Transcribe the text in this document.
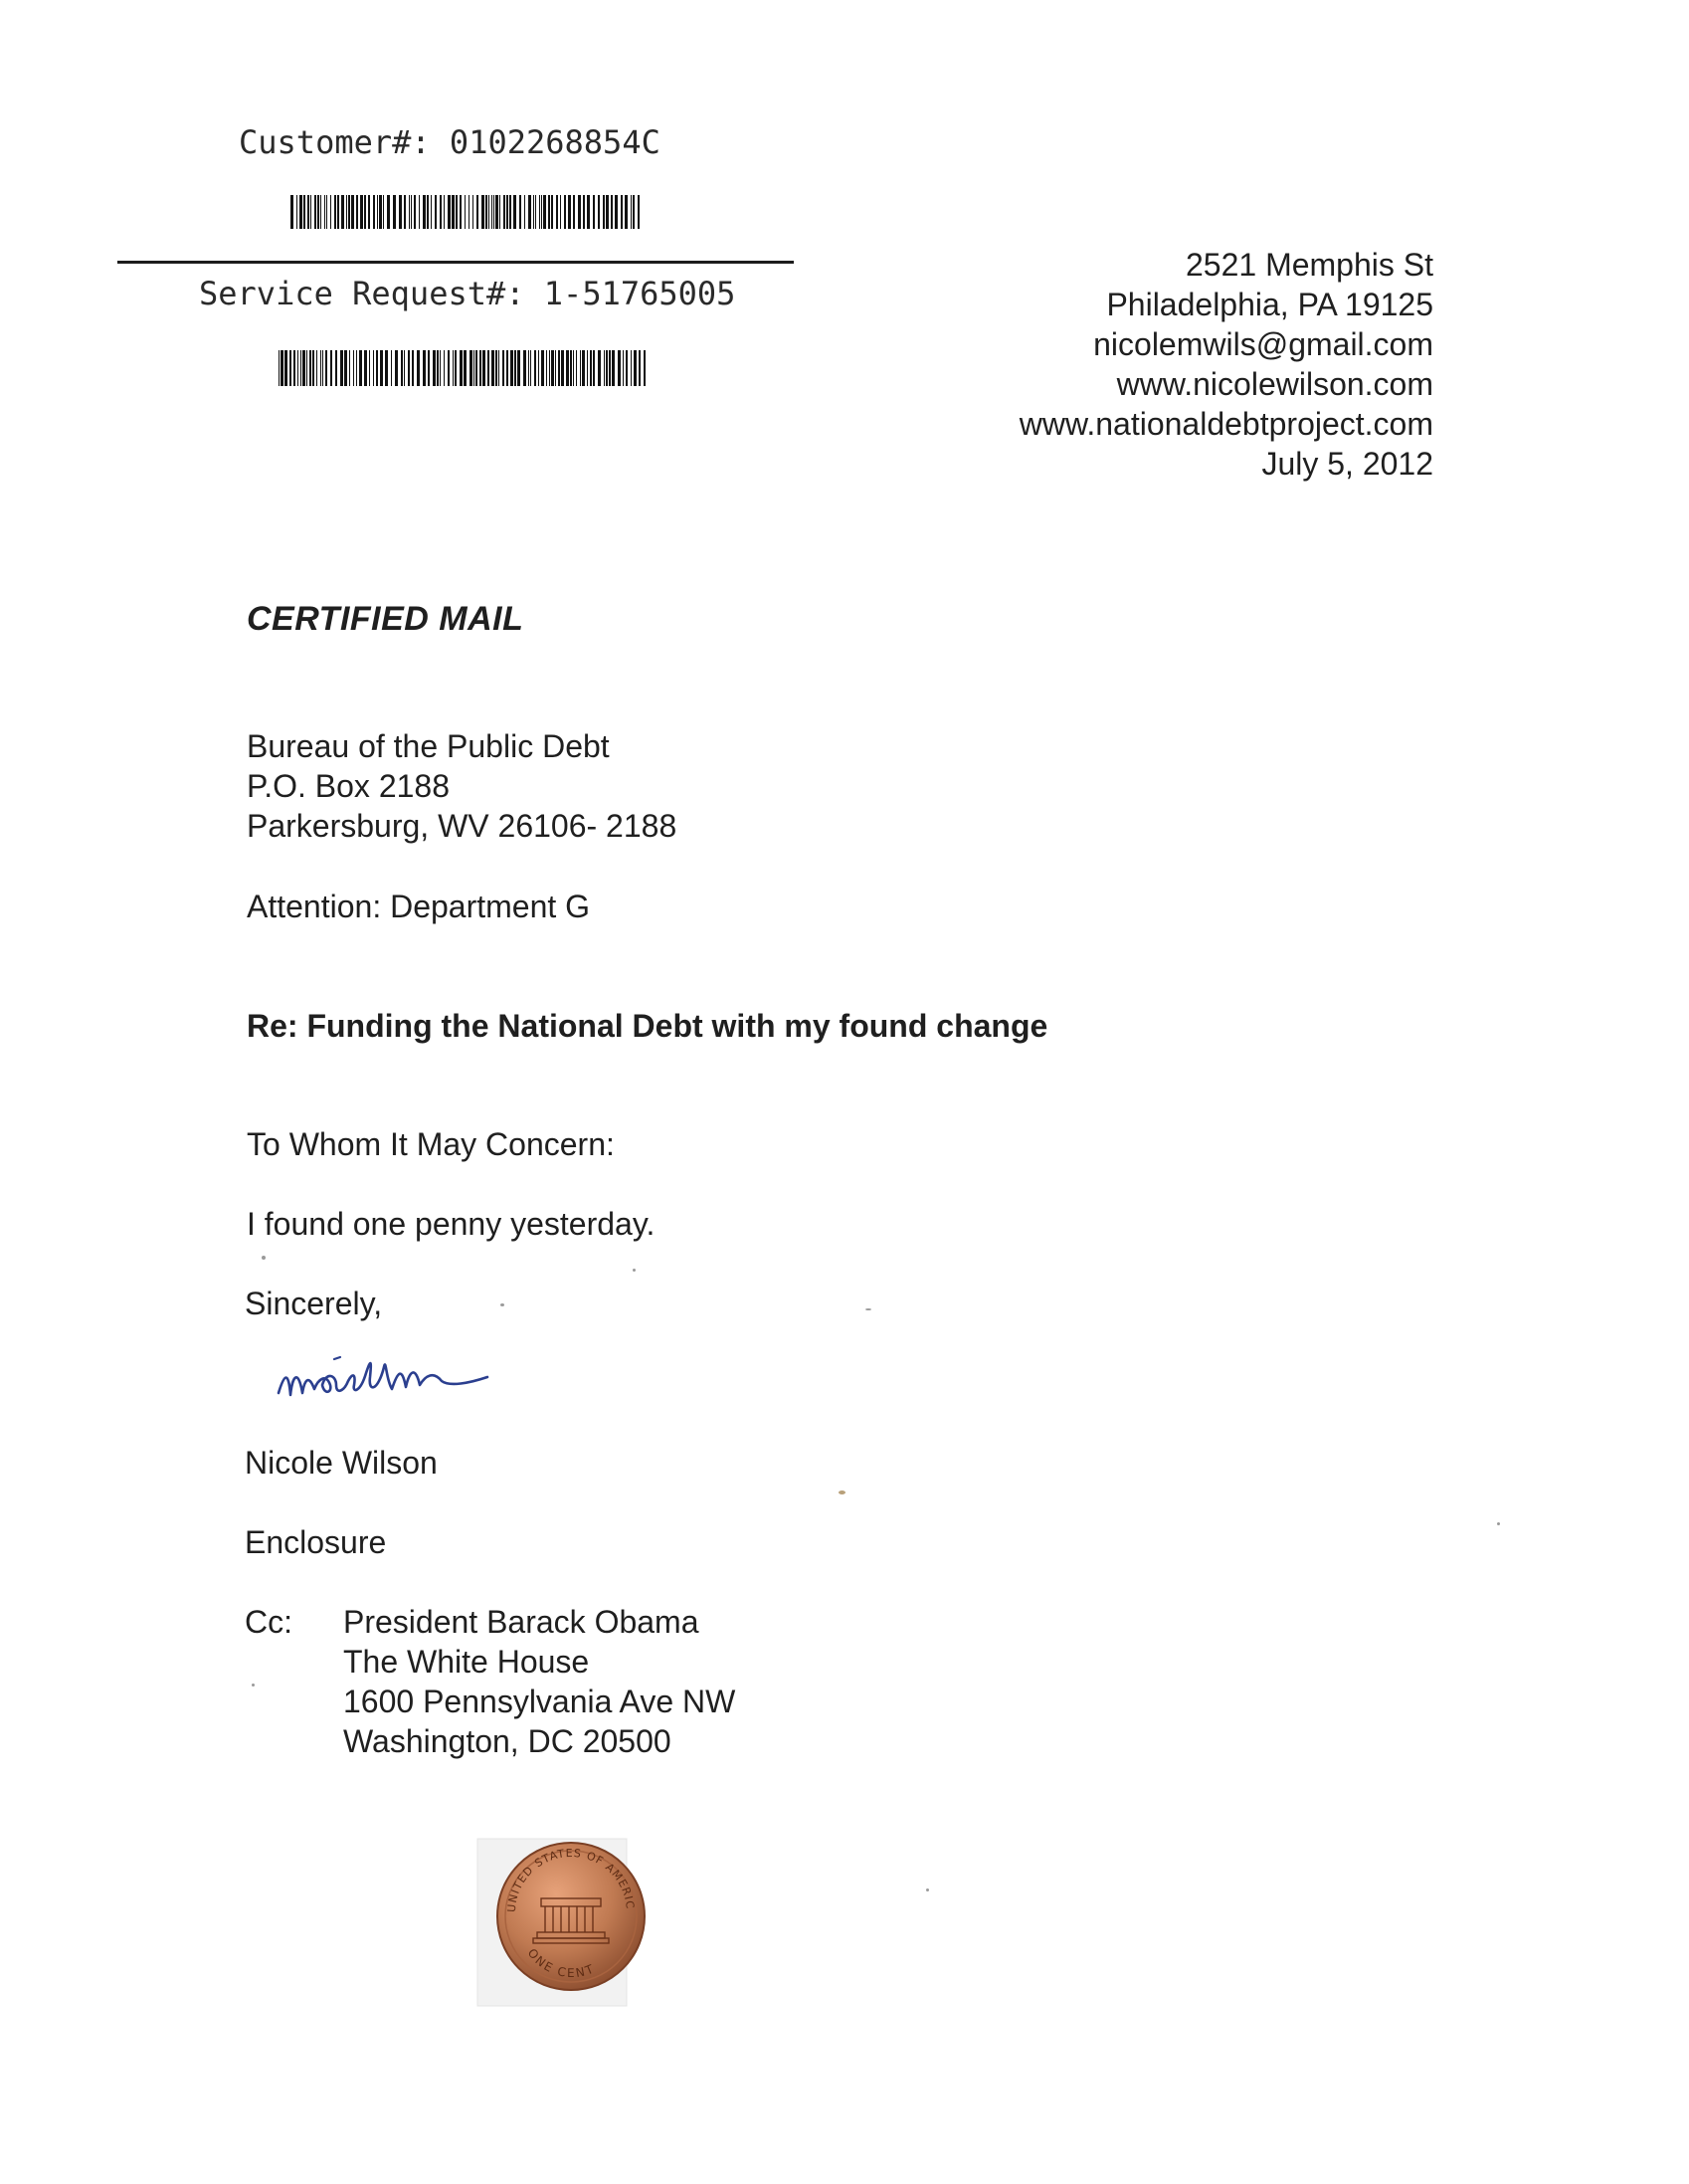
Customer#: 0102268854C
Service Request#: 1-51765005
2521 Memphis St
Philadelphia, PA 19125
nicolemwils@gmail.com
www.nicolewilson.com
www.nationaldebtproject.com
July 5, 2012
CERTIFIED MAIL
Bureau of the Public Debt
P.O. Box 2188
Parkersburg, WV 26106- 2188
Attention: Department G
Re: Funding the National Debt with my found change
To Whom It May Concern:
I found one penny yesterday.
Sincerely,
Nicole Wilson
Enclosure
Cc: President Barack Obama
The White House
1600 Pennsylvania Ave NW
Washington, DC 20500
UNITED STATES OF AMERIC
ONE CENT
